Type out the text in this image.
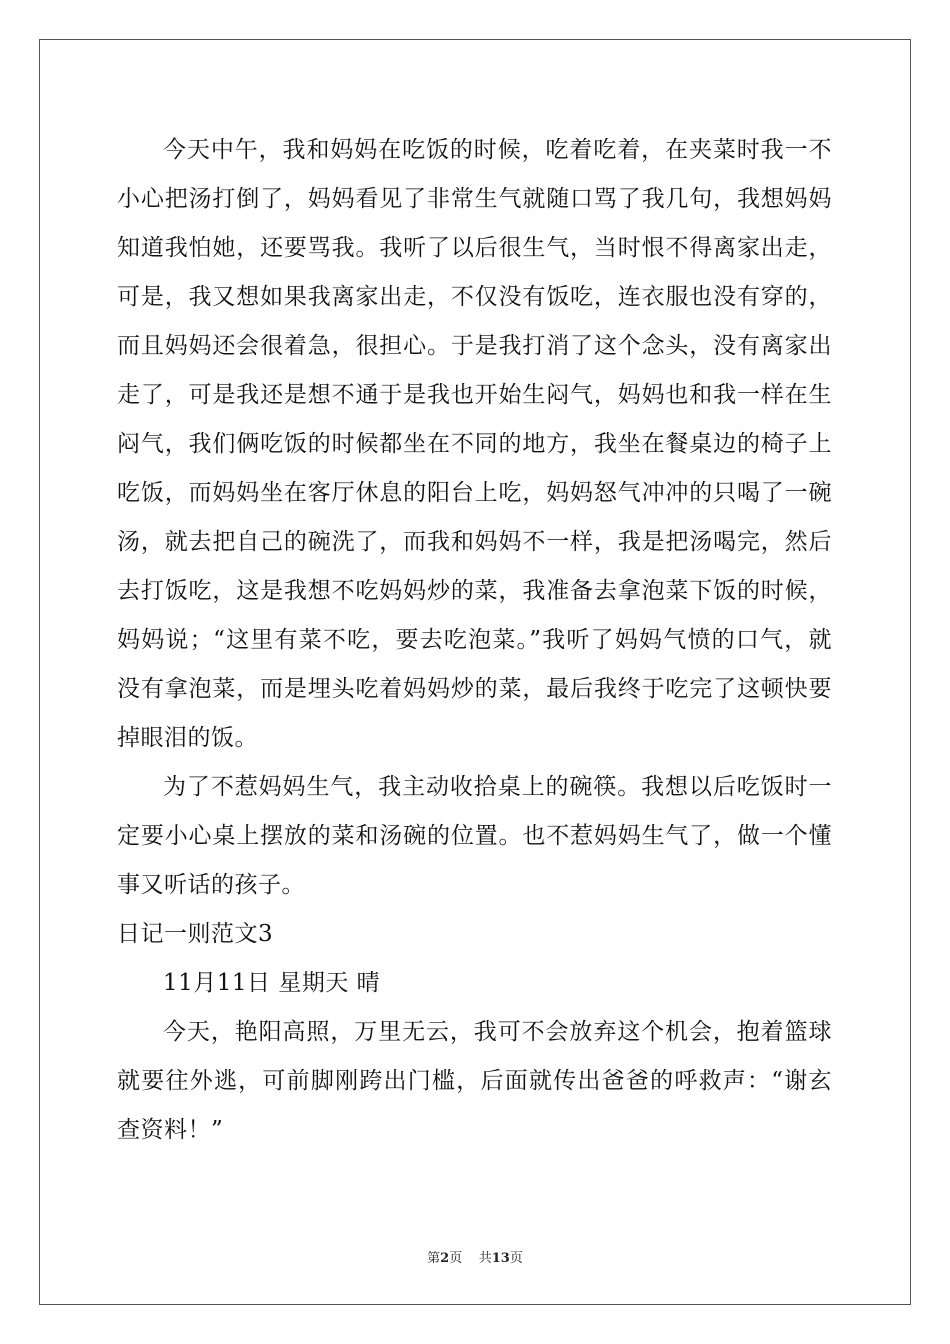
今天中午，我和妈妈在吃饭的时候，吃着吃着，在夹菜时我一不小心把汤打倒了，妈妈看见了非常生气就随口骂了我几句，我想妈妈知道我怕她，还要骂我。我听了以后很生气，当时恨不得离家出走，可是，我又想如果我离家出走，不仅没有饭吃，连衣服也没有穿的，而且妈妈还会很着急，很担心。于是我打消了这个念头，没有离家出走了，可是我还是想不通于是我也开始生闷气，妈妈也和我一样在生闷气，我们俩吃饭的时候都坐在不同的地方，我坐在餐桌边的椅子上吃饭，而妈妈坐在客厅休息的阳台上吃，妈妈怒气冲冲的只喝了一碗汤，就去把自己的碗洗了，而我和妈妈不一样，我是把汤喝完，然后去打饭吃，这是我想不吃妈妈炒的菜，我准备去拿泡菜下饭的时候，妈妈说；“这里有菜不吃，要去吃泡菜。”我听了妈妈气愤的口气，就没有拿泡菜，而是埋头吃着妈妈炒的菜，最后我终于吃完了这顿快要掉眼泪的饭。

为了不惹妈妈生气，我主动收拾桌上的碗筷。我想以后吃饭时一定要小心桌上摆放的菜和汤碗的位置。也不惹妈妈生气了，做一个懂事又听话的孩子。

日记一则范文3

11月11日 星期天 晴

今天，艳阳高照，万里无云，我可不会放弃这个机会，抱着篮球就要往外逃，可前脚刚跨出门槛，后面就传出爸爸的呼救声：“谢玄查资料！”

第2页    共13页
